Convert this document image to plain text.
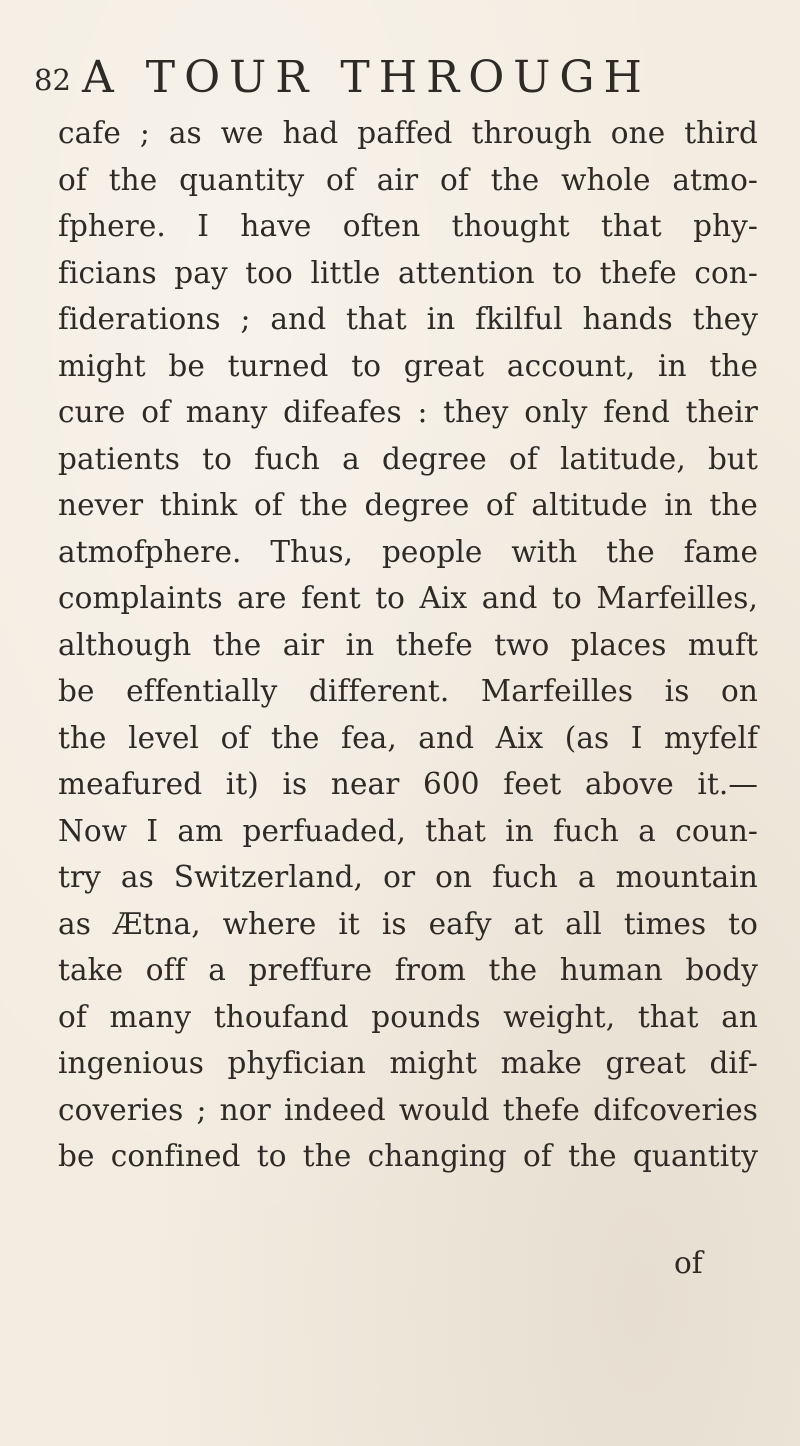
82 A TOUR THROUGH
cafe ; as we had paffed through one third
of the quantity of air of the whole atmo-
fphere. I have often thought that phy-
ficians pay too little attention to thefe con-
fiderations ; and that in fkilful hands they
might be turned to great account, in the
cure of many difeafes : they only fend their
patients to fuch a degree of latitude, but
never think of the degree of altitude in the
atmofphere. Thus, people with the fame
complaints are fent to Aix and to Marfeilles,
although the air in thefe two places muft
be effentially different. Marfeilles is on
the level of the fea, and Aix (as I myfelf
meafured it) is near 600 feet above it.—
Now I am perfuaded, that in fuch a coun-
try as Switzerland, or on fuch a mountain
as Ætna, where it is eafy at all times to
take off a preffure from the human body
of many thoufand pounds weight, that an
ingenious phyfician might make great dif-
coveries ; nor indeed would thefe difcoveries
be confined to the changing of the quantity
of
